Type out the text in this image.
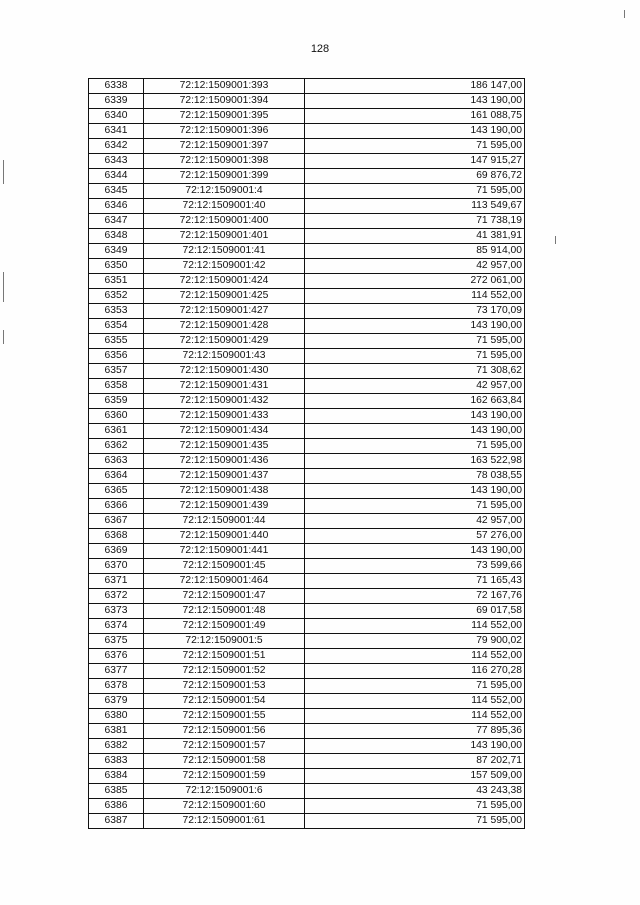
128
6338	72:12:1509001:393	186 147,00
6339	72:12:1509001:394	143 190,00
6340	72:12:1509001:395	161 088,75
6341	72:12:1509001:396	143 190,00
6342	72:12:1509001:397	71 595,00
6343	72:12:1509001:398	147 915,27
6344	72:12:1509001:399	69 876,72
6345	72:12:1509001:4	71 595,00
6346	72:12:1509001:40	113 549,67
6347	72:12:1509001:400	71 738,19
6348	72:12:1509001:401	41 381,91
6349	72:12:1509001:41	85 914,00
6350	72:12:1509001:42	42 957,00
6351	72:12:1509001:424	272 061,00
6352	72:12:1509001:425	114 552,00
6353	72:12:1509001:427	73 170,09
6354	72:12:1509001:428	143 190,00
6355	72:12:1509001:429	71 595,00
6356	72:12:1509001:43	71 595,00
6357	72:12:1509001:430	71 308,62
6358	72:12:1509001:431	42 957,00
6359	72:12:1509001:432	162 663,84
6360	72:12:1509001:433	143 190,00
6361	72:12:1509001:434	143 190,00
6362	72:12:1509001:435	71 595,00
6363	72:12:1509001:436	163 522,98
6364	72:12:1509001:437	78 038,55
6365	72:12:1509001:438	143 190,00
6366	72:12:1509001:439	71 595,00
6367	72:12:1509001:44	42 957,00
6368	72:12:1509001:440	57 276,00
6369	72:12:1509001:441	143 190,00
6370	72:12:1509001:45	73 599,66
6371	72:12:1509001:464	71 165,43
6372	72:12:1509001:47	72 167,76
6373	72:12:1509001:48	69 017,58
6374	72:12:1509001:49	114 552,00
6375	72:12:1509001:5	79 900,02
6376	72:12:1509001:51	114 552,00
6377	72:12:1509001:52	116 270,28
6378	72:12:1509001:53	71 595,00
6379	72:12:1509001:54	114 552,00
6380	72:12:1509001:55	114 552,00
6381	72:12:1509001:56	77 895,36
6382	72:12:1509001:57	143 190,00
6383	72:12:1509001:58	87 202,71
6384	72:12:1509001:59	157 509,00
6385	72:12:1509001:6	43 243,38
6386	72:12:1509001:60	71 595,00
6387	72:12:1509001:61	71 595,00
